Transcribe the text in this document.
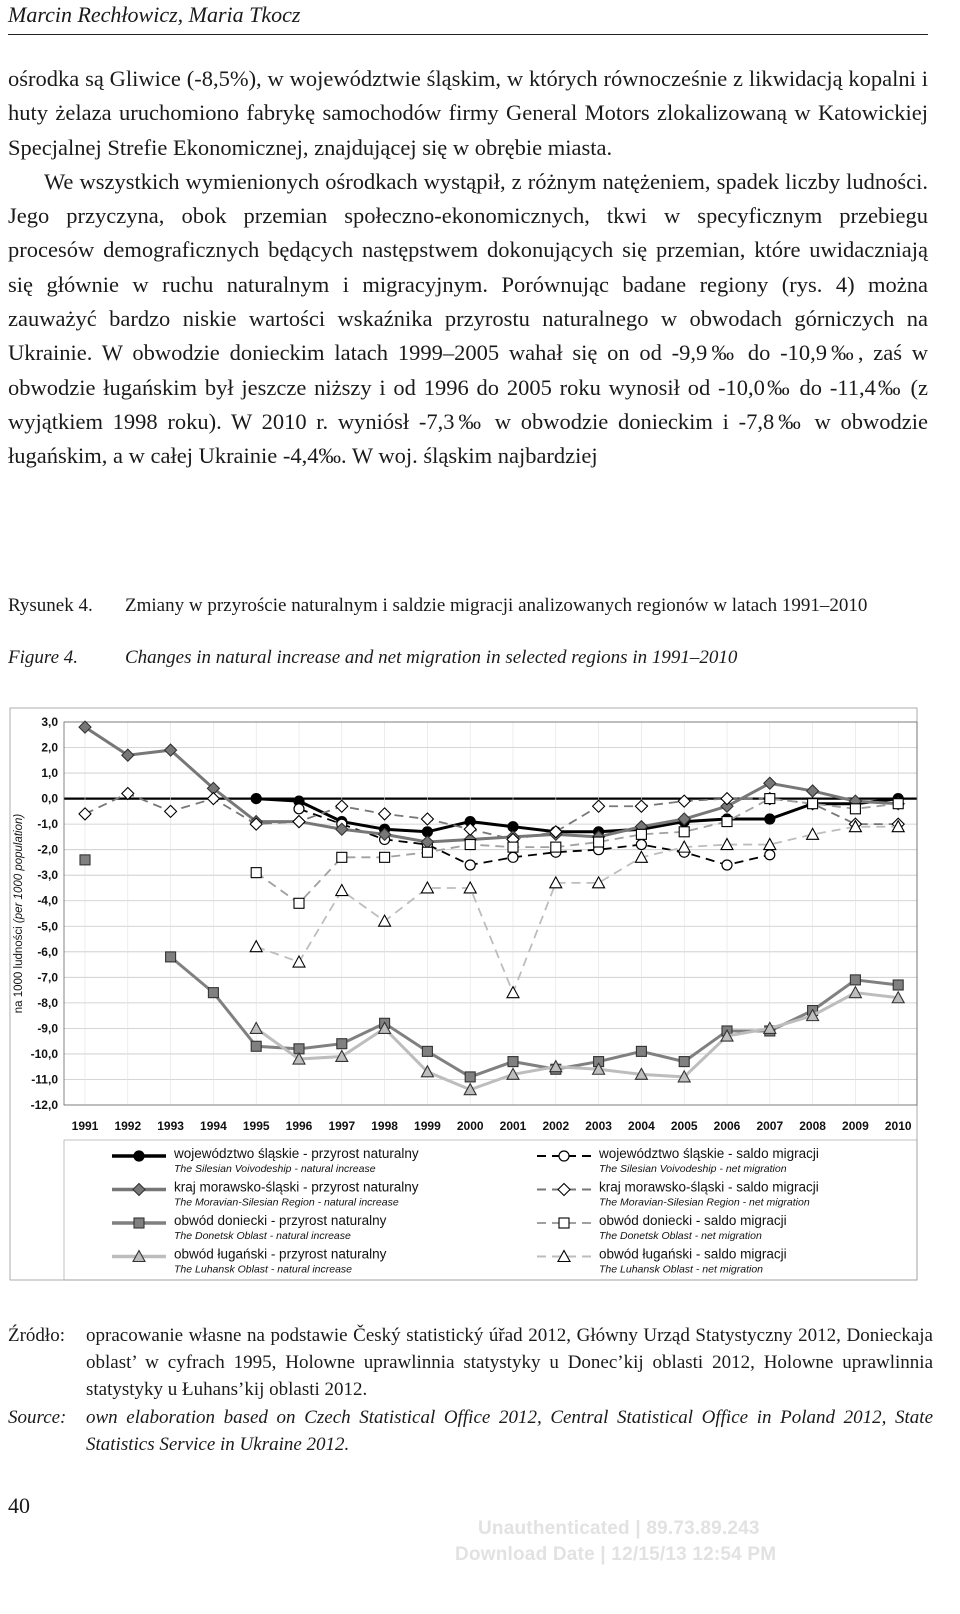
Marcin Rechłowicz, Maria Tkocz

ośrodka są Gliwice (-8,5%), w województwie śląskim, w których równocześnie z likwidacją kopalni i huty żelaza uruchomiono fabrykę samochodów firmy General Motors zlokalizowaną w Katowickiej Specjalnej Strefie Ekonomicznej, znajdującej się w obrębie miasta.

We wszystkich wymienionych ośrodkach wystąpił, z różnym natężeniem, spadek liczby ludności. Jego przyczyna, obok przemian społeczno-ekonomicznych, tkwi w specyficznym przebiegu procesów demograficznych będących następstwem dokonujących się przemian, które uwidaczniają się głównie w ruchu naturalnym i migracyjnym. Porównując badane regiony (rys. 4) można zauważyć bardzo niskie wartości wskaźnika przyrostu naturalnego w obwodach górniczych na Ukrainie. W obwodzie donieckim latach 1999–2005 wahał się on od -9,9‰ do -10,9‰, zaś w obwodzie ługańskim był jeszcze niższy i od 1996 do 2005 roku wynosił od -10,0‰ do -11,4‰ (z wyjątkiem 1998 roku). W 2010 r. wyniósł -7,3‰ w obwodzie donieckim i -7,8‰ w obwodzie ługańskim, a w całej Ukrainie -4,4‰. W woj. śląskim najbardziej

Rysunek 4.	Zmiany w przyroście naturalnym i saldzie migracji analizowanych regionów w latach 1991–2010
Figure 4.	Changes in natural increase and net migration in selected regions in 1991–2010
3,0
2,0
1,0
0,0
-1,0
-2,0
-3,0
-4,0
-5,0
-6,0
-7,0
-8,0
-9,0
-10,0
-11,0
-12,0
na 1000 ludności (per 1000 population)
1991 1992 1993 1994 1995 1996 1997 1998 1999 2000 2001 2002 2003 2004 2005 2006 2007 2008 2009 2010
województwo śląskie - przyrost naturalny
The Silesian Voivodeship - natural increase
województwo śląskie - saldo migracji
The Silesian Voivodeship - net migration
kraj morawsko-śląski - przyrost naturalny
The Moravian-Silesian Region - natural increase
kraj morawsko-śląski - saldo migracji
The Moravian-Silesian Region - net migration
obwód doniecki - przyrost naturalny
The Donetsk Oblast - natural increase
obwód doniecki - saldo migracji
The Donetsk Oblast - net migration
obwód ługański - przyrost naturalny
The Luhansk Oblast - natural increase
obwód ługański - saldo migracji
The Luhansk Oblast - net migration
Źródło:	opracowanie własne na podstawie Český statistický úřad 2012, Główny Urząd Statystyczny 2012, Donieckaja oblast’ w cyfrach 1995, Holowne uprawlinnia statystyky u Donec’kij oblasti 2012, Holowne uprawlinnia statystyky u Łuhans’kij oblasti 2012.
Source:	own elaboration based on Czech Statistical Office 2012, Central Statistical Office in Poland 2012, State Statistics Service in Ukraine 2012.
40
Unauthenticated | 89.73.89.243
Download Date | 12/15/13 12:54 PM
